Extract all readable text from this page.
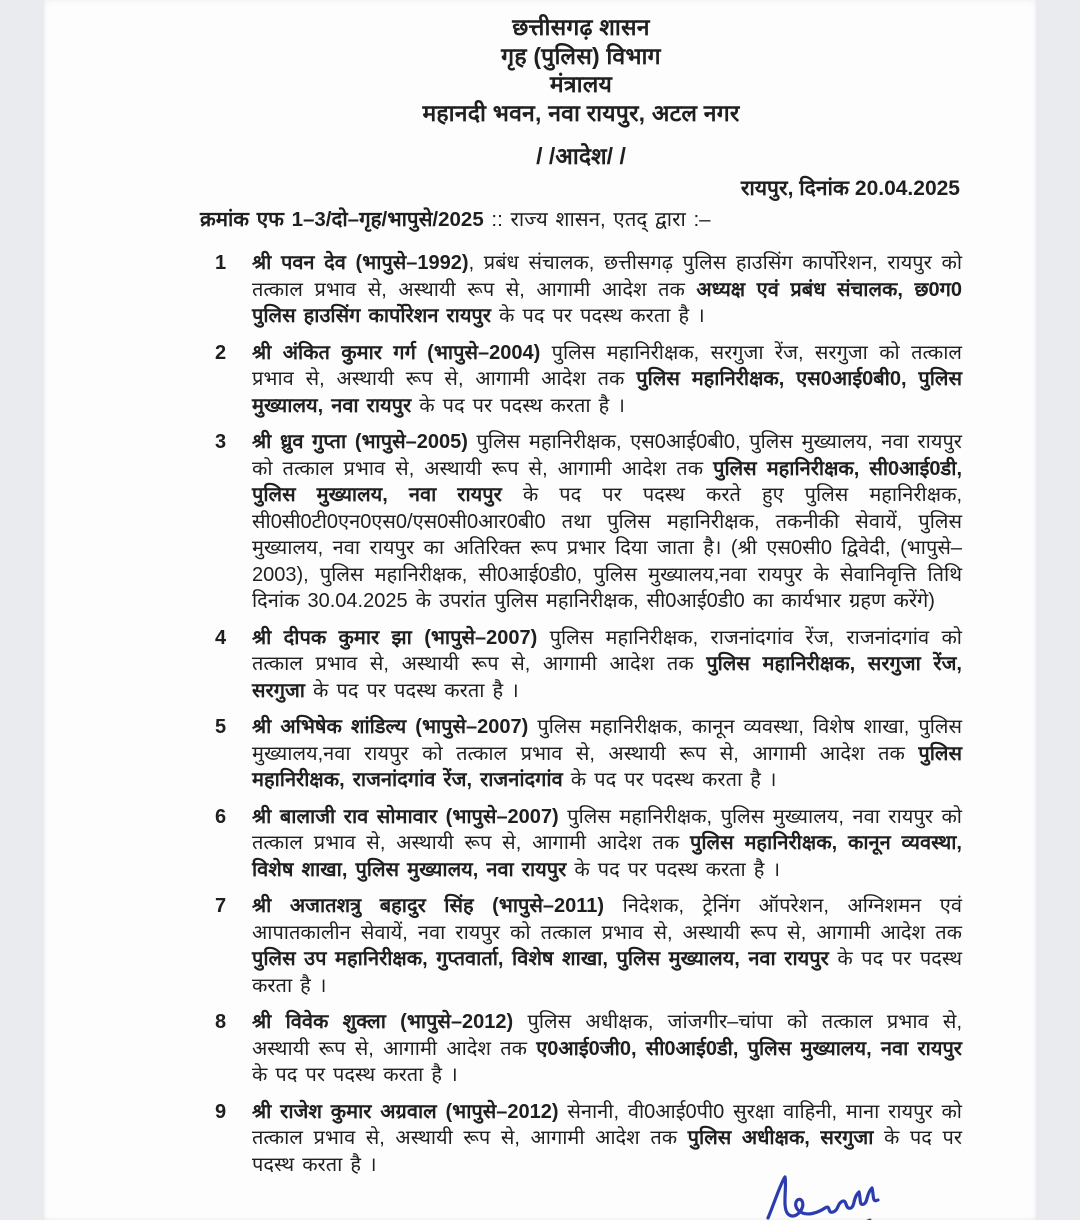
छत्तीसगढ़ शासन
गृह (पुलिस) विभाग
मंत्रालय
महानदी भवन, नवा रायपुर, अटल नगर
/ /आदेश/ /
रायपुर, दिनांक 20.04.2025
क्रमांक एफ 1–3/दो–गृह/भापुसे/2025 :: राज्य शासन, एतद् द्वारा :–
1	श्री पवन देव (भापुसे–1992), प्रबंध संचालक, छत्तीसगढ़ पुलिस हाउसिंग कार्पोरेशन, रायपुर को तत्काल प्रभाव से, अस्थायी रूप से, आगामी आदेश तक अध्यक्ष एवं प्रबंध संचालक, छ0ग0 पुलिस हाउसिंग कार्पोरेशन रायपुर के पद पर पदस्थ करता है ।
2	श्री अंकित कुमार गर्ग (भापुसे–2004) पुलिस महानिरीक्षक, सरगुजा रेंज, सरगुजा को तत्काल प्रभाव से, अस्थायी रूप से, आगामी आदेश तक पुलिस महानिरीक्षक, एस0आई0बी0, पुलिस मुख्यालय, नवा रायपुर के पद पर पदस्थ करता है ।
3	श्री ध्रुव गुप्ता (भापुसे–2005) पुलिस महानिरीक्षक, एस0आई0बी0, पुलिस मुख्यालय, नवा रायपुर को तत्काल प्रभाव से, अस्थायी रूप से, आगामी आदेश तक पुलिस महानिरीक्षक, सी0आई0डी, पुलिस मुख्यालय, नवा रायपुर के पद पर पदस्थ करते हुए पुलिस महानिरीक्षक, सी0सी0टी0एन0एस0/एस0सी0आर0बी0 तथा पुलिस महानिरीक्षक, तकनीकी सेवायें, पुलिस मुख्यालय, नवा रायपुर का अतिरिक्त रूप प्रभार दिया जाता है। (श्री एस0सी0 द्विवेदी, (भापुसे–2003), पुलिस महानिरीक्षक, सी0आई0डी0, पुलिस मुख्यालय,नवा रायपुर के सेवानिवृत्ति तिथि दिनांक 30.04.2025 के उपरांत पुलिस महानिरीक्षक, सी0आई0डी0 का कार्यभार ग्रहण करेंगे)
4	श्री दीपक कुमार झा (भापुसे–2007) पुलिस महानिरीक्षक, राजनांदगांव रेंज, राजनांदगांव को तत्काल प्रभाव से, अस्थायी रूप से, आगामी आदेश तक पुलिस महानिरीक्षक, सरगुजा रेंज, सरगुजा के पद पर पदस्थ करता है ।
5	श्री अभिषेक शांडिल्य (भापुसे–2007) पुलिस महानिरीक्षक, कानून व्यवस्था, विशेष शाखा, पुलिस मुख्यालय,नवा रायपुर को तत्काल प्रभाव से, अस्थायी रूप से, आगामी आदेश तक पुलिस महानिरीक्षक, राजनांदगांव रेंज, राजनांदगांव के पद पर पदस्थ करता है ।
6	श्री बालाजी राव सोमावार (भापुसे–2007) पुलिस महानिरीक्षक, पुलिस मुख्यालय, नवा रायपुर को तत्काल प्रभाव से, अस्थायी रूप से, आगामी आदेश तक पुलिस महानिरीक्षक, कानून व्यवस्था, विशेष शाखा, पुलिस मुख्यालय, नवा रायपुर के पद पर पदस्थ करता है ।
7	श्री अजातशत्रु बहादुर सिंह (भापुसे–2011) निदेशक, ट्रेनिंग ऑपरेशन, अग्निशमन एवं आपातकालीन सेवायें, नवा रायपुर को तत्काल प्रभाव से, अस्थायी रूप से, आगामी आदेश तक पुलिस उप महानिरीक्षक, गुप्तवार्ता, विशेष शाखा, पुलिस मुख्यालय, नवा रायपुर के पद पर पदस्थ करता है ।
8	श्री विवेक शुक्ला (भापुसे–2012) पुलिस अधीक्षक, जांजगीर–चांपा को तत्काल प्रभाव से, अस्थायी रूप से, आगामी आदेश तक ए0आई0जी0, सी0आई0डी, पुलिस मुख्यालय, नवा रायपुर के पद पर पदस्थ करता है ।
9	श्री राजेश कुमार अग्रवाल (भापुसे–2012) सेनानी, वी0आई0पी0 सुरक्षा वाहिनी, माना रायपुर को तत्काल प्रभाव से, अस्थायी रूप से, आगामी आदेश तक पुलिस अधीक्षक, सरगुजा के पद पर पदस्थ करता है ।
